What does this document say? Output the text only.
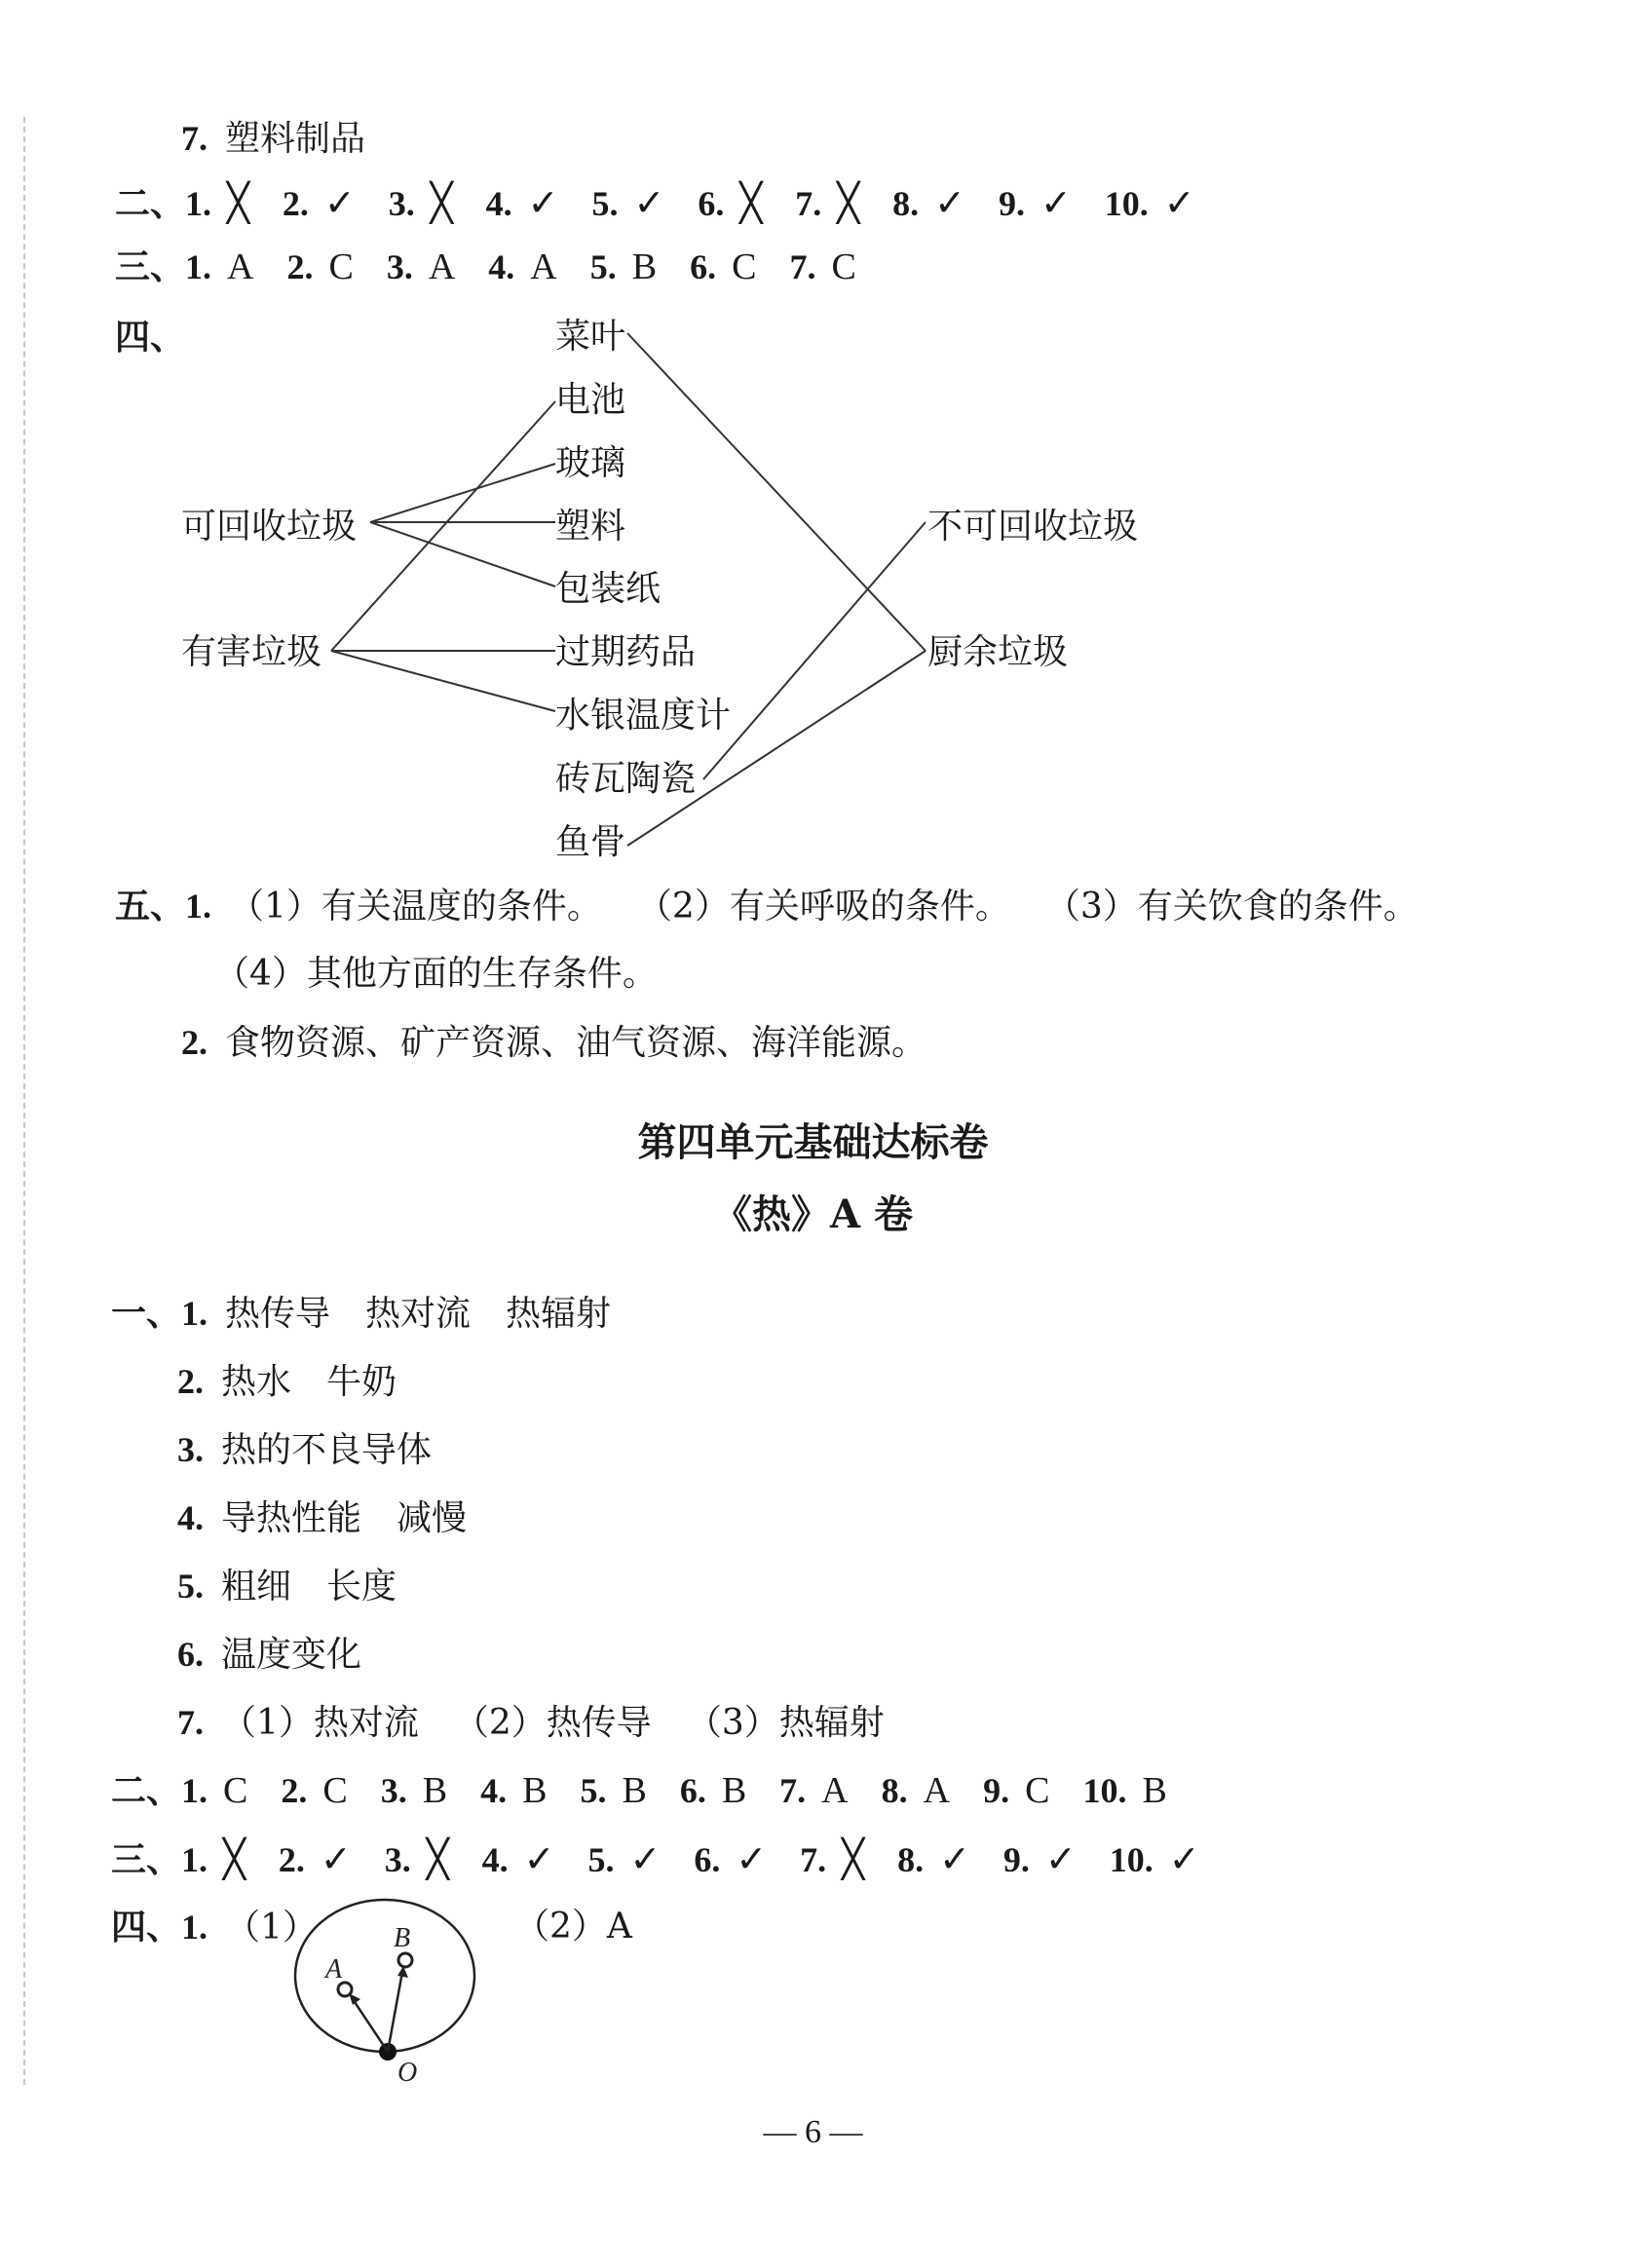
7. 塑料制品
二、1. ╳ 2. ✓ 3. ╳ 4. ✓ 5. ✓ 6. ╳ 7. ╳ 8. ✓ 9. ✓ 10. ✓
三、1. A 2. C 3. A 4. A 5. B 6. C 7. C
四、
可回收垃圾
有害垃圾
菜叶
电池
玻璃
塑料
包装纸
过期药品
水银温度计
砖瓦陶瓷
鱼骨
不可回收垃圾
厨余垃圾
五、1. （1）有关温度的条件。 （2）有关呼吸的条件。 （3）有关饮食的条件。
（4）其他方面的生存条件。
2. 食物资源、矿产资源、油气资源、海洋能源。
第四单元基础达标卷
《热》A 卷
一、1. 热传导 热对流 热辐射
2. 热水 牛奶
3. 热的不良导体
4. 导热性能 减慢
5. 粗细 长度
6. 温度变化
7. （1）热对流 （2）热传导 （3）热辐射
二、1. C 2. C 3. B 4. B 5. B 6. B 7. A 8. A 9. C 10. B
三、1. ╳ 2. ✓ 3. ╳ 4. ✓ 5. ✓ 6. ✓ 7. ╳ 8. ✓ 9. ✓ 10. ✓
四、1. （1）	（2）A
A
B
O
— 6 —
